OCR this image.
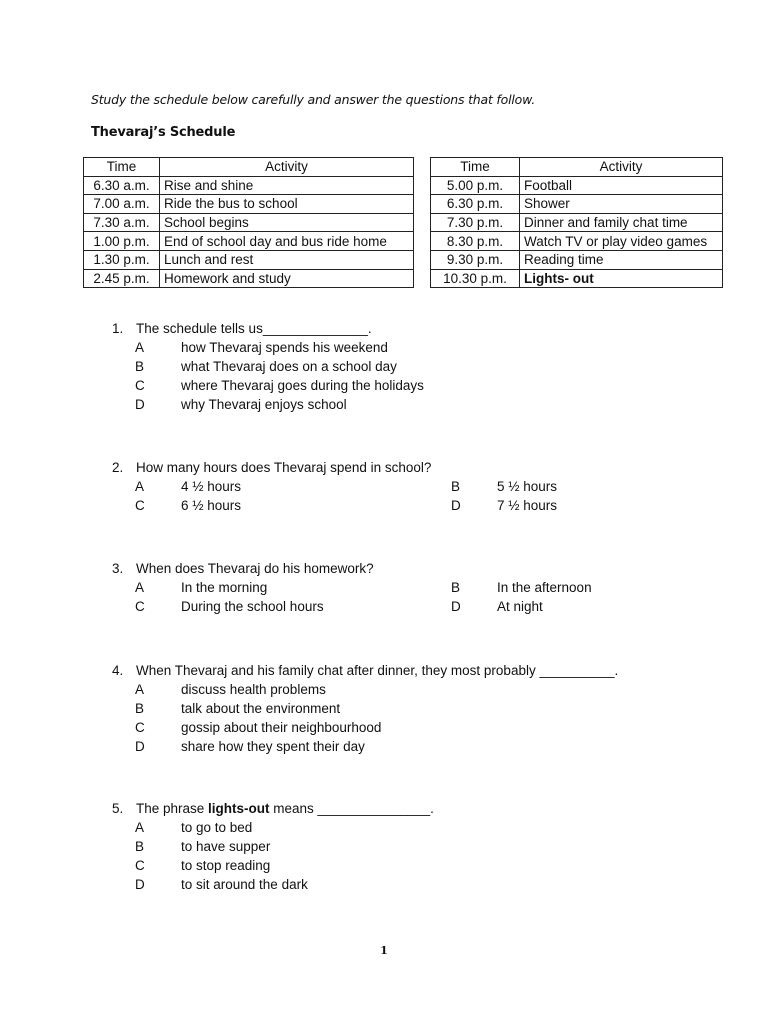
Study the schedule below carefully and answer the questions that follow.
Thevaraj’s Schedule
Time	Activity
6.30 a.m.	Rise and shine
7.00 a.m.	Ride the bus to school
7.30 a.m.	School begins
1.00 p.m.	End of school day and bus ride home
1.30 p.m.	Lunch and rest
2.45 p.m.	Homework and study
Time	Activity
5.00 p.m.	Football
6.30 p.m.	Shower
7.30 p.m.	Dinner and family chat time
8.30 p.m.	Watch TV or play video games
9.30 p.m.	Reading time
10.30 p.m.	Lights- out
1. The schedule tells us______________.
A	how Thevaraj spends his weekend
B	what Thevaraj does on a school day
C	where Thevaraj goes during the holidays
D	why Thevaraj enjoys school
2. How many hours does Thevaraj spend in school?
A	4 ½ hours	B	5 ½ hours
C	6 ½ hours	D	7 ½ hours
3. When does Thevaraj do his homework?
A	In the morning	B	In the afternoon
C	During the school hours	D	At night
4. When Thevaraj and his family chat after dinner, they most probably __________.
A	discuss health problems
B	talk about the environment
C	gossip about their neighbourhood
D	share how they spent their day
5. The phrase lights-out means _______________.
A	to go to bed
B	to have supper
C	to stop reading
D	to sit around the dark
1
